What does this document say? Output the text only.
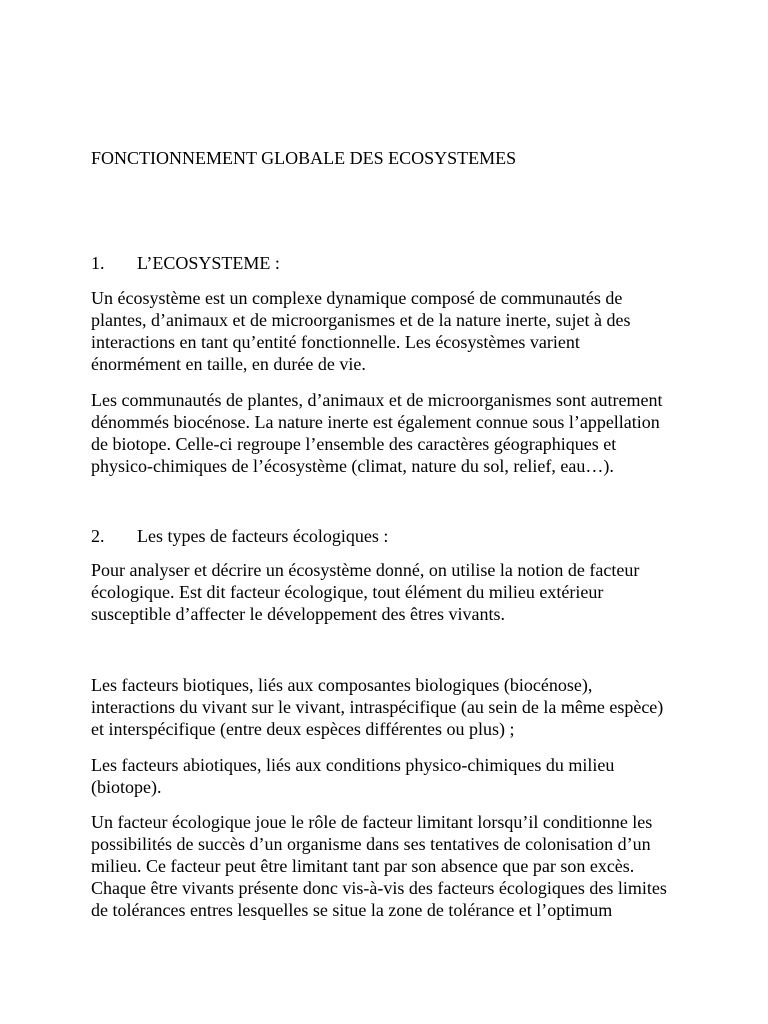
FONCTIONNEMENT GLOBALE DES ECOSYSTEMES
1.	L’ECOSYSTEME :
Un écosystème est un complexe dynamique composé de communautés de
plantes, d’animaux et de microorganismes et de la nature inerte, sujet à des
interactions en tant qu’entité fonctionnelle. Les écosystèmes varient
énormément en taille, en durée de vie.
Les communautés de plantes, d’animaux et de microorganismes sont autrement
dénommés biocénose. La nature inerte est également connue sous l’appellation
de biotope. Celle-ci regroupe l’ensemble des caractères géographiques et
physico-chimiques de l’écosystème (climat, nature du sol, relief, eau…).
2.	Les types de facteurs écologiques :
Pour analyser et décrire un écosystème donné, on utilise la notion de facteur
écologique. Est dit facteur écologique, tout élément du milieu extérieur
susceptible d’affecter le développement des êtres vivants.
Les facteurs biotiques, liés aux composantes biologiques (biocénose),
interactions du vivant sur le vivant, intraspécifique (au sein de la même espèce)
et interspécifique (entre deux espèces différentes ou plus) ;
Les facteurs abiotiques, liés aux conditions physico-chimiques du milieu
(biotope).
Un facteur écologique joue le rôle de facteur limitant lorsqu’il conditionne les
possibilités de succès d’un organisme dans ses tentatives de colonisation d’un
milieu. Ce facteur peut être limitant tant par son absence que par son excès.
Chaque être vivants présente donc vis-à-vis des facteurs écologiques des limites
de tolérances entres lesquelles se situe la zone de tolérance et l’optimum
